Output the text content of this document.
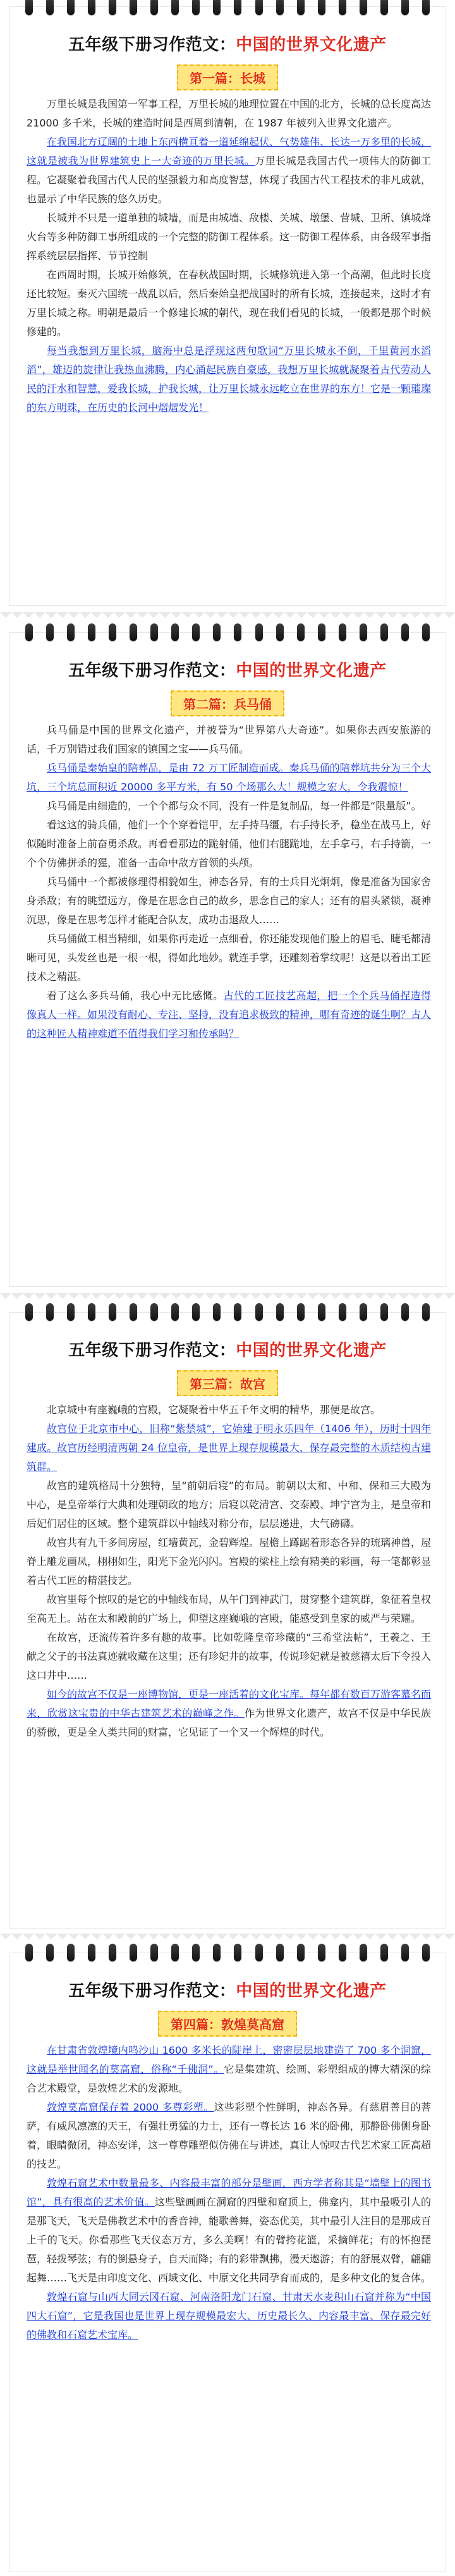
五年级下册习作范文：中国的世界文化遗产
第一篇：长城

万里长城是我国第一军事工程，万里长城的地理位置在中国的北方，长城的总长度高达 21000 多千米，长城的建造时间是西周到清朝，在 1987 年被列入世界文化遗产。

在我国北方辽阔的土地上东西横亘着一道延绵起伏、气势雄伟、长达一万多里的长城，这就是被我为世界建筑史上一大奇迹的万里长城。万里长城是我国古代一项伟大的防御工程。它凝聚着我国古代人民的坚强毅力和高度智慧，体现了我国古代工程技术的非凡成就，也显示了中华民族的悠久历史。

长城并不只是一道单独的城墙，而是由城墙、敌楼、关城、墩堡、营城、卫所、镇城烽火台等多种防御工事所组成的一个完整的防御工程体系。这一防御工程体系，由各级军事指挥系统层层指挥、节节控制

在西周时期，长城开始修筑，在春秋战国时期，长城修筑进入第一个高潮，但此时长度还比较短。秦灭六国统一战乱以后，然后秦始皇把战国时的所有长城，连接起来，这时才有万里长城之称。明朝是最后一个修建长城的朝代，现在我们看见的长城，一般都是那个时候修建的。

每当我想到万里长城，脑海中总是浮现这两句歌词“万里长城永不倒，千里黄河水滔滔”，雄迈的旋律让我热血沸腾，内心涌起民族自豪感，我想万里长城就凝聚着古代劳动人民的汗水和智慧，爱我长城，护我长城，让万里长城永远屹立在世界的东方！它是一颗璀璨的东方明珠，在历史的长河中熠熠发光！

五年级下册习作范文：中国的世界文化遗产
第二篇：兵马俑

兵马俑是中国的世界文化遗产，并被誉为“世界第八大奇迹”。如果你去西安旅游的话，千万别错过我们国家的镇国之宝——兵马俑。

兵马俑是秦始皇的陪葬品，是由 72 万工匠制造而成。秦兵马俑的陪葬坑共分为三个大坑，三个坑总面积近 20000 多平方米，有 50 个场那么大！规模之宏大，令我震惊！

兵马俑是由细造的，一个个都与众不同，没有一件是复制品，每一件都是“限量版”。

看这这的骑兵俑，他们一个个穿着铠甲，左手持马缰，右手持长矛，稳坐在战马上，好似随时准备上前奋勇杀敌。再看看那边的跪射俑，他们右腿跪地，左手拿弓，右手持箭，一个个仿佛拼杀的猩，准备一击命中敌方首领的头颅。

兵马俑中一个都被修理得相貌如生，神态各异，有的士兵目光炯炯，像是准备为国家舍身杀敌；有的眺望远方，像是在思念自己的故乡，思念自己的家人；还有的眉头紧锁，凝神沉思，像是在思考怎样才能配合队友，成功击退敌人……

兵马俑做工相当精细，如果你再走近一点细看，你还能发现他们脸上的眉毛、睫毛都清晰可见，头发丝也是一根一根，得如此地妙。就连手掌，还雕刻着掌纹呢！这是以着出工匠技术之精湛。

看了这么多兵马俑，我心中无比感慨。古代的工匠技艺高超，把一个个兵马俑捏造得像真人一样。如果没有耐心、专注、坚持，没有追求极致的精神，哪有奇迹的诞生啊？古人的这种匠人精神难道不值得我们学习和传承吗？

五年级下册习作范文：中国的世界文化遗产
第三篇：故宫

北京城中有座巍峨的宫殿，它凝聚着中华五千年文明的精华，那便是故宫。

故宫位于北京市中心，旧称“紫禁城”，它始建于明永乐四年（1406 年），历时十四年建成。故宫历经明清两朝 24 位皇帝，是世界上现存规模最大、保存最完整的木质结构古建筑群。

故宫的建筑格局十分独特，呈“前朝后寝”的布局。前朝以太和、中和、保和三大殿为中心，是皇帝举行大典和处理朝政的地方；后寝以乾清宫、交泰殿、坤宁宫为主，是皇帝和后妃们居住的区域。整个建筑群以中轴线对称分布，层层递进，大气磅礴。

故宫共有九千多间房屋，红墙黄瓦，金碧辉煌。屋檐上蹲踞着形态各异的琉璃神兽，屋脊上雕龙画凤，栩栩如生，阳光下金光闪闪。宫殿的梁柱上绘有精美的彩画，每一笔都彰显着古代工匠的精湛技艺。

故宫里每个惊叹的是它的中轴线布局，从午门到神武门，贯穿整个建筑群，象征着皇权至高无上。站在太和殿前的广场上，仰望这座巍峨的宫殿，能感受到皇家的威严与荣耀。

在故宫，还流传着许多有趣的故事。比如乾隆皇帝珍藏的“三希堂法帖”，王羲之、王献之父子的书法真迹就收藏在这里；还有珍妃井的故事，传说珍妃就是被慈禧太后下令投入这口井中……

如今的故宫不仅是一座博物馆，更是一座活着的文化宝库。每年都有数百万游客慕名而来，欣赏这宝贵的中华古建筑艺术的巅峰之作。作为世界文化遗产，故宫不仅是中华民族的骄傲，更是全人类共同的财富，它见证了一个又一个辉煌的时代。

五年级下册习作范文：中国的世界文化遗产
第四篇：敦煌莫高窟

在甘肃省敦煌境内鸣沙山 1600 多米长的陡崖上，密密层层地建造了 700 多个洞窟，这就是举世闻名的莫高窟，俗称“千佛洞”。它是集建筑、绘画、彩塑组成的博大精深的综合艺术殿堂，是敦煌艺术的发源地。

敦煌莫高窟保存着 2000 多尊彩塑。这些彩塑个性鲜明，神态各异。有慈眉善目的菩萨，有威风凛凛的天王，有强壮勇猛的力士，还有一尊长达 16 米的卧佛，那静卧佛侧身卧着，眼睛微闭，神态安详，这一尊尊雕塑似仿佛在与讲述，真让人惊叹古代艺术家工匠高超的技艺。

敦煌石窟艺术中数量最多、内容最丰富的部分是壁画，西方学者称其是“墙壁上的图书馆”，具有很高的艺术价值。这些壁画画在洞窟的四壁和窟顶上，佛龛内，其中最吸引人的是那飞天，飞天是佛教艺术中的香音神，能歌善舞，姿态优美，其中最引人注目的是那成百上千的飞天。你看那些飞天仪态万方，多么美啊！有的臂挎花篮，采摘鲜花；有的怀抱琵琶，轻拨琴弦；有的倒悬身子，自天而降；有的彩带飘拂，漫天遨游；有的舒展双臂，翩翩起舞……飞天是由印度文化、西域文化、中原文化共同孕育而成的，是多种文化的复合体。

敦煌石窟与山西大同云冈石窟、河南洛阳龙门石窟、甘肃天水麦积山石窟并称为“中国四大石窟”，它是我国也是世界上现存规模最宏大、历史最长久、内容最丰富、保存最完好的佛教和石窟艺术宝库。
